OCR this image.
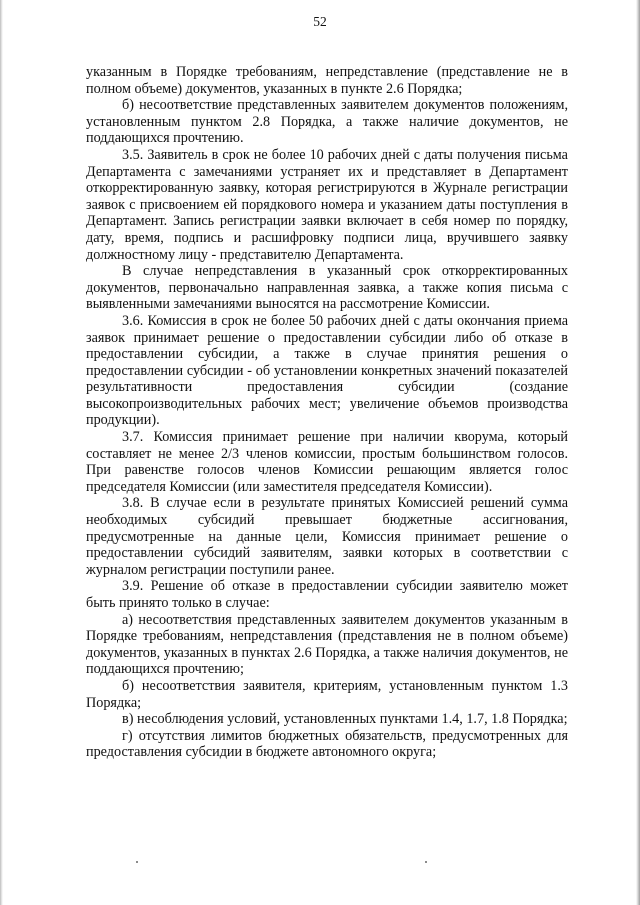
52

указанным в Порядке требованиям, непредставление (представление не в полном объеме) документов, указанных в пункте 2.6 Порядка;

б) несоответствие представленных заявителем документов положениям, установленным пунктом 2.8 Порядка, а также наличие документов, не поддающихся прочтению.

3.5. Заявитель в срок не более 10 рабочих дней с даты получения письма Департамента с замечаниями устраняет их и представляет в Департамент откорректированную заявку, которая регистрируются в Журнале регистрации заявок с присвоением ей порядкового номера и указанием даты поступления в Департамент. Запись регистрации заявки включает в себя номер по порядку, дату, время, подпись и расшифровку подписи лица, вручившего заявку должностному лицу - представителю Департамента.

В случае непредставления в указанный срок откорректированных документов, первоначально направленная заявка, а также копия письма с выявленными замечаниями выносятся на рассмотрение Комиссии.

3.6. Комиссия в срок не более 50 рабочих дней с даты окончания приема заявок принимает решение о предоставлении субсидии либо об отказе в предоставлении субсидии, а также в случае принятия решения о предоставлении субсидии - об установлении конкретных значений показателей результативности предоставления субсидии (создание высокопроизводительных рабочих мест; увеличение объемов производства продукции).

3.7. Комиссия принимает решение при наличии кворума, который составляет не менее 2/3 членов комиссии, простым большинством голосов. При равенстве голосов членов Комиссии решающим является голос председателя Комиссии (или заместителя председателя Комиссии).

3.8. В случае если в результате принятых Комиссией решений сумма необходимых субсидий превышает бюджетные ассигнования, предусмотренные на данные цели, Комиссия принимает решение о предоставлении субсидий заявителям, заявки которых в соответствии с журналом регистрации поступили ранее.

3.9. Решение об отказе в предоставлении субсидии заявителю может быть принято только в случае:

а) несоответствия представленных заявителем документов указанным в Порядке требованиям, непредставления (представления не в полном объеме) документов, указанных в пунктах 2.6 Порядка, а также наличия документов, не поддающихся прочтению;

б) несоответствия заявителя, критериям, установленным пунктом 1.3 Порядка;

в) несоблюдения условий, установленных пунктами 1.4, 1.7, 1.8 Порядка;

г) отсутствия лимитов бюджетных обязательств, предусмотренных для предоставления субсидии в бюджете автономного округа;
